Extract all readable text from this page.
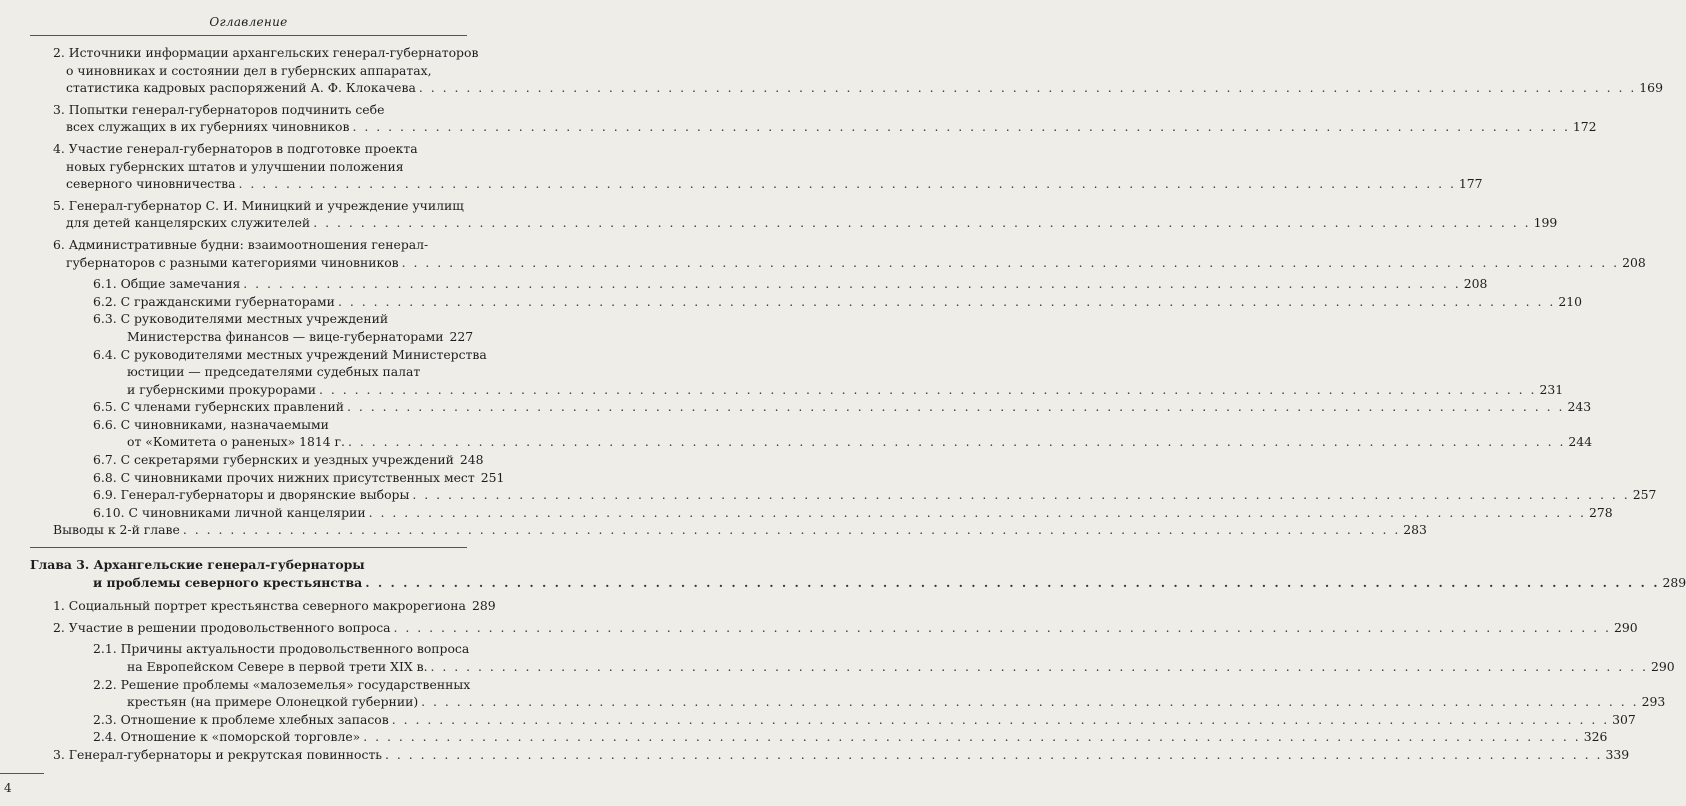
Оглавление
2. Источники информации архангельских генерал-губернаторов
о чиновниках и состоянии дел в губернских аппаратах,
статистика кадровых распоряжений А. Ф. Клокачева . . .	169
3. Попытки генерал-губернаторов подчинить себе
всех служащих в их губерниях чиновников . . .	172
4. Участие генерал-губернаторов в подготовке проекта
новых губернских штатов и улучшении положения
северного чиновничества . . .	177
5. Генерал-губернатор С. И. Миницкий и учреждение училищ
для детей канцелярских служителей . . .	199
6. Административные будни: взаимоотношения генерал-
губернаторов с разными категориями чиновников . . .	208
6.1. Общие замечания . . .	208
6.2. С гражданскими губернаторами . . .	210
6.3. С руководителями местных учреждений
Министерства финансов — вице-губернаторами 227
6.4. С руководителями местных учреждений Министерства
юстиции — председателями судебных палат
и губернскими прокурорами . . .	231
6.5. С членами губернских правлений . . .	243
6.6. С чиновниками, назначаемыми
от «Комитета о раненых» 1814 г. . . .	244
6.7. С секретарями губернских и уездных учреждений 248
6.8. С чиновниками прочих нижних присутственных мест 251
6.9. Генерал-губернаторы и дворянские выборы . . .	257
6.10. С чиновниками личной канцелярии . . .	278
Выводы к 2-й главе . . .	283
Глава 3. Архангельские генерал-губернаторы
и проблемы северного крестьянства . . .	289
1. Социальный портрет крестьянства северного макрорегиона 289
2. Участие в решении продовольственного вопроса . . .	290
2.1. Причины актуальности продовольственного вопроса
на Европейском Севере в первой трети XIX в. . . .	290
2.2. Решение проблемы «малоземелья» государственных
крестьян (на примере Олонецкой губернии) . . .	293
2.3. Отношение к проблеме хлебных запасов . . .	307
2.4. Отношение к «поморской торговле» . . .	326
3. Генерал-губернаторы и рекрутская повинность . . .	339
4
